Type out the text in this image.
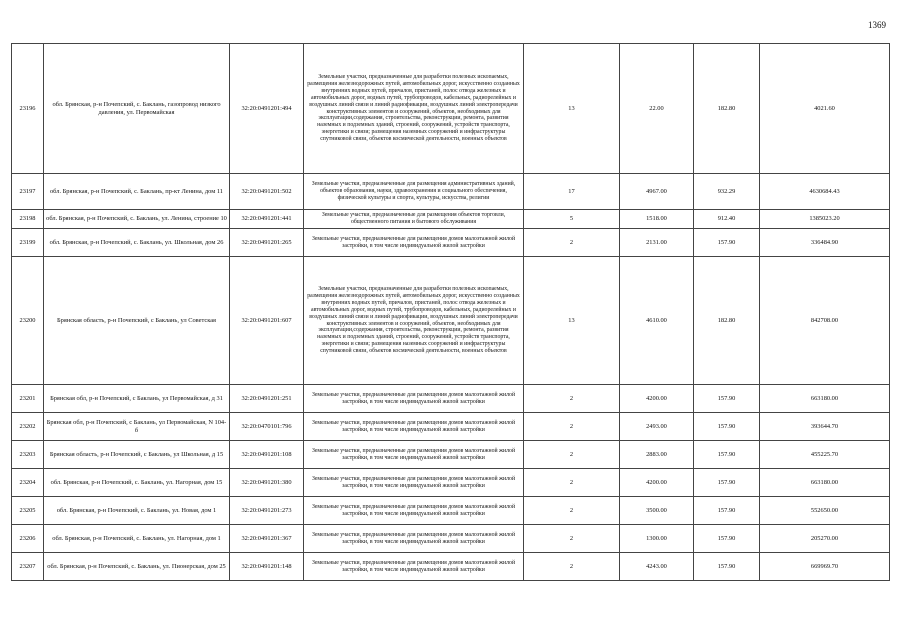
1369
23196	обл. Брянская, р-н Почепский, с. Баклань, газопровод низкого давления, ул. Первомайская	32:20:0491201:494	Земельные участки, предназначенные для разработки полезных ископаемых, размещения железнодорожных путей, автомобильных дорог, искусственно созданных внутренних водных путей, причалов, пристаней, полос отвода железных и автомобильных дорог, водных путей, трубопроводов, кабельных, радиорелейных и воздушных линий связи и линий радиофикации, воздушных линий электропередачи конструктивных элементов и сооружений, объектов, необходимых для эксплуатации,содержания, строительства, реконструкции, ремонта, развития наземных и подземных зданий, строений, сооружений, устройств транспорта, энергетики и связи; размещения наземных сооружений и инфраструктуры спутниковой связи, объектов космической деятельности, военных объектов	13	22.00	182.80	4021.60
23197	обл. Брянская, р-н Почепский, с. Баклань, пр-кт Ленина, дом 11	32:20:0491201:502	Земельные участки, предназначенные для размещения административных зданий, объектов образования, науки, здравоохранения и социального обеспечения, физической культуры и спорта, культуры, искусства, религии	17	4967.00	932.29	4630684.43
23198	обл. Брянская, р-н Почепский, с. Баклань, ул. Ленина, строение 10	32:20:0491201:441	Земельные участки, предназначенные для размещения объектов торговли, общественного питания и бытового обслуживания	5	1518.00	912.40	1385023.20
23199	обл. Брянская, р-н Почепский, с. Баклань, ул. Школьная, дом 26	32:20:0491201:265	Земельные участки, предназначенные для размещения домов малоэтажной жилой застройки, в том числе индивидуальной жилой застройки	2	2131.00	157.90	336484.90
23200	Брянская область, р-н Почепский, с Баклань, ул Советская	32:20:0491201:607	Земельные участки, предназначенные для разработки полезных ископаемых, размещения железнодорожных путей, автомобильных дорог, искусственно созданных внутренних водных путей, причалов, пристаней, полос отвода железных и автомобильных дорог, водных путей, трубопроводов, кабельных, радиорелейных и воздушных линий связи и линий радиофикации, воздушных линий электропередачи конструктивных элементов и сооружений, объектов, необходимых для эксплуатации,содержания, строительства, реконструкции, ремонта, развития наземных и подземных зданий, строений, сооружений, устройств транспорта, энергетики и связи; размещения наземных сооружений и инфраструктуры спутниковой связи, объектов космической деятельности, военных объектов	13	4610.00	182.80	842708.00
23201	Брянская обл, р-н Почепский, с Баклань, ул Первомайская, д 31	32:20:0491201:251	Земельные участки, предназначенные для размещения домов малоэтажной жилой застройки, в том числе индивидуальной жилой застройки	2	4200.00	157.90	663180.00
23202	Брянская обл, р-н Почепский, с Баклань, ул Первомайская, N 104-б	32:20:0470101:796	Земельные участки, предназначенные для размещения домов малоэтажной жилой застройки, в том числе индивидуальной жилой застройки	2	2493.00	157.90	393644.70
23203	Брянская область, р-н Почепский, с Баклань, ул Школьная, д 15	32:20:0491201:108	Земельные участки, предназначенные для размещения домов малоэтажной жилой застройки, в том числе индивидуальной жилой застройки	2	2883.00	157.90	455225.70
23204	обл. Брянская, р-н Почепский, с. Баклань, ул. Нагорная, дом 15	32:20:0491201:380	Земельные участки, предназначенные для размещения домов малоэтажной жилой застройки, в том числе индивидуальной жилой застройки	2	4200.00	157.90	663180.00
23205	обл. Брянская, р-н Почепский, с. Баклань, ул. Новая, дом 1	32:20:0491201:273	Земельные участки, предназначенные для размещения домов малоэтажной жилой застройки, в том числе индивидуальной жилой застройки	2	3500.00	157.90	552650.00
23206	обл. Брянская, р-н Почепский, с. Баклань, ул. Нагорная, дом 1	32:20:0491201:367	Земельные участки, предназначенные для размещения домов малоэтажной жилой застройки, в том числе индивидуальной жилой застройки	2	1300.00	157.90	205270.00
23207	обл. Брянская, р-н Почепский, с. Баклань, ул. Пионерская, дом 25	32:20:0491201:148	Земельные участки, предназначенные для размещения домов малоэтажной жилой застройки, в том числе индивидуальной жилой застройки	2	4243.00	157.90	669969.70
